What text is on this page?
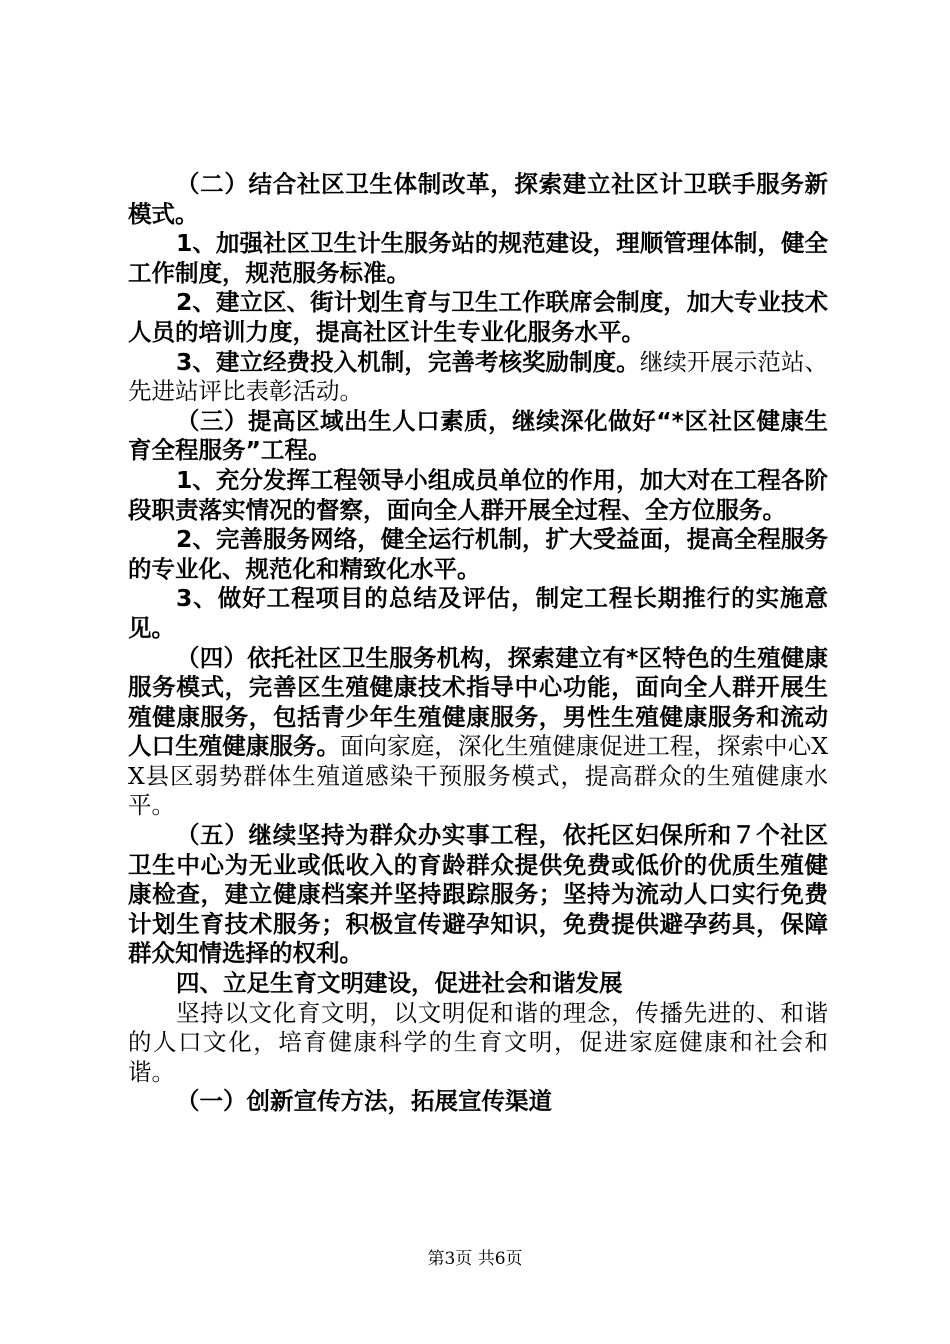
（二）结合社区卫生体制改革，探索建立社区计卫联手服务新模式。

1、加强社区卫生计生服务站的规范建设，理顺管理体制，健全工作制度，规范服务标准。

2、建立区、街计划生育与卫生工作联席会制度，加大专业技术人员的培训力度，提高社区计生专业化服务水平。

3、建立经费投入机制，完善考核奖励制度。继续开展示范站、先进站评比表彰活动。

（三）提高区域出生人口素质，继续深化做好“*区社区健康生育全程服务”工程。

1、充分发挥工程领导小组成员单位的作用，加大对在工程各阶段职责落实情况的督察，面向全人群开展全过程、全方位服务。

2、完善服务网络，健全运行机制，扩大受益面，提高全程服务的专业化、规范化和精致化水平。

3、做好工程项目的总结及评估，制定工程长期推行的实施意见。

（四）依托社区卫生服务机构，探索建立有*区特色的生殖健康服务模式，完善区生殖健康技术指导中心功能，面向全人群开展生殖健康服务，包括青少年生殖健康服务，男性生殖健康服务和流动人口生殖健康服务。面向家庭，深化生殖健康促进工程，探索中心XX县区弱势群体生殖道感染干预服务模式，提高群众的生殖健康水平。

（五）继续坚持为群众办实事工程，依托区妇保所和７个社区卫生中心为无业或低收入的育龄群众提供免费或低价的优质生殖健康检查，建立健康档案并坚持跟踪服务；坚持为流动人口实行免费计划生育技术服务；积极宣传避孕知识，免费提供避孕药具，保障群众知情选择的权利。

四、立足生育文明建设，促进社会和谐发展

坚持以文化育文明，以文明促和谐的理念，传播先进的、和谐的人口文化，培育健康科学的生育文明，促进家庭健康和社会和谐。

（一）创新宣传方法，拓展宣传渠道

第3页 共6页
